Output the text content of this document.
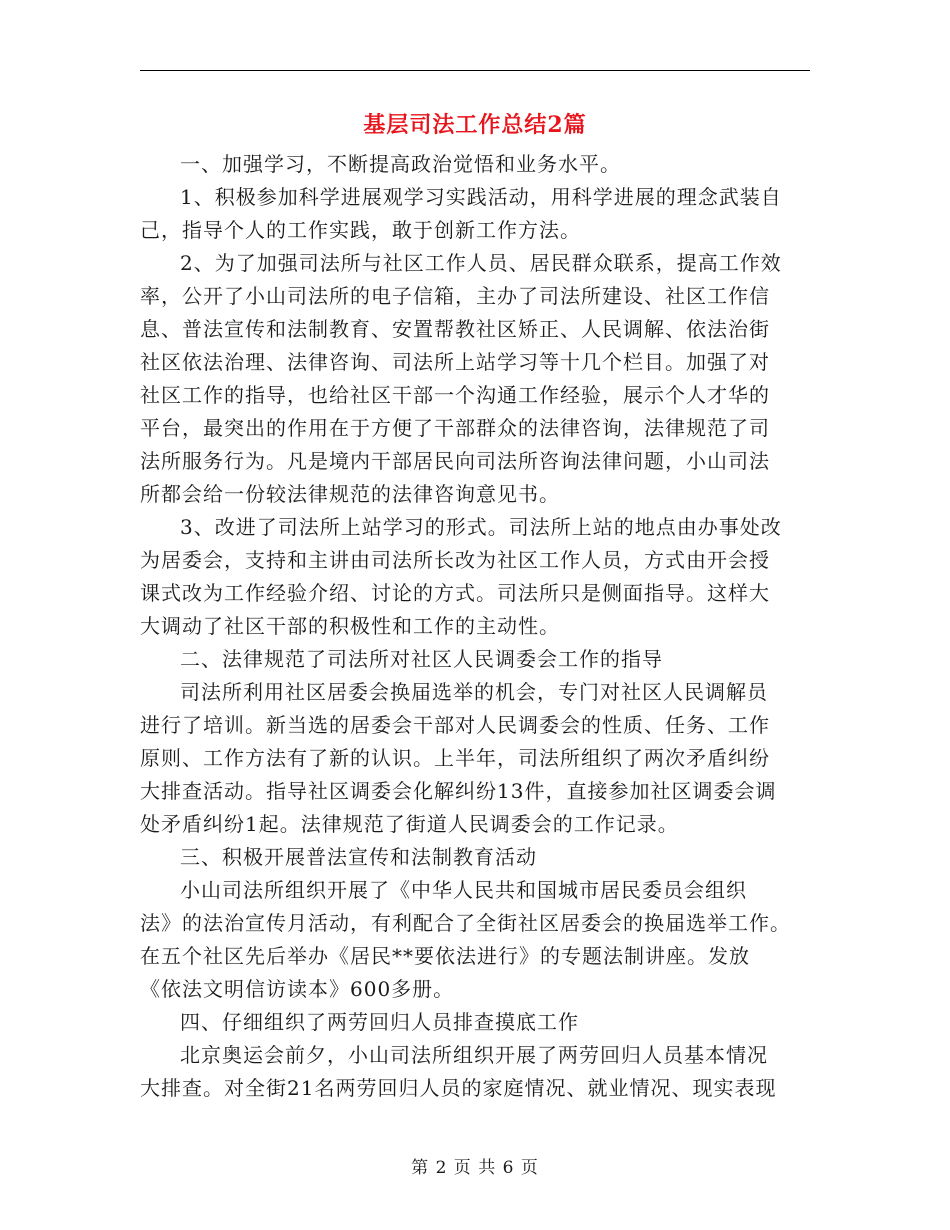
基层司法工作总结2篇
一、加强学习，不断提高政治觉悟和业务水平。
1、积极参加科学进展观学习实践活动，用科学进展的理念武装自
己，指导个人的工作实践，敢于创新工作方法。
2、为了加强司法所与社区工作人员、居民群众联系，提高工作效
率，公开了小山司法所的电子信箱，主办了司法所建设、社区工作信
息、普法宣传和法制教育、安置帮教社区矫正、人民调解、依法治街
社区依法治理、法律咨询、司法所上站学习等十几个栏目。加强了对
社区工作的指导，也给社区干部一个沟通工作经验，展示个人才华的
平台，最突出的作用在于方便了干部群众的法律咨询，法律规范了司
法所服务行为。凡是境内干部居民向司法所咨询法律问题，小山司法
所都会给一份较法律规范的法律咨询意见书。
3、改进了司法所上站学习的形式。司法所上站的地点由办事处改
为居委会，支持和主讲由司法所长改为社区工作人员，方式由开会授
课式改为工作经验介绍、讨论的方式。司法所只是侧面指导。这样大
大调动了社区干部的积极性和工作的主动性。
二、法律规范了司法所对社区人民调委会工作的指导
司法所利用社区居委会换届选举的机会，专门对社区人民调解员
进行了培训。新当选的居委会干部对人民调委会的性质、任务、工作
原则、工作方法有了新的认识。上半年，司法所组织了两次矛盾纠纷
大排查活动。指导社区调委会化解纠纷13件，直接参加社区调委会调
处矛盾纠纷1起。法律规范了街道人民调委会的工作记录。
三、积极开展普法宣传和法制教育活动
小山司法所组织开展了《中华人民共和国城市居民委员会组织
法》的法治宣传月活动，有利配合了全街社区居委会的换届选举工作。
在五个社区先后举办《居民**要依法进行》的专题法制讲座。发放
《依法文明信访读本》600多册。
四、仔细组织了两劳回归人员排查摸底工作
北京奥运会前夕，小山司法所组织开展了两劳回归人员基本情况
大排查。对全街21名两劳回归人员的家庭情况、就业情况、现实表现
第 2 页 共 6 页
